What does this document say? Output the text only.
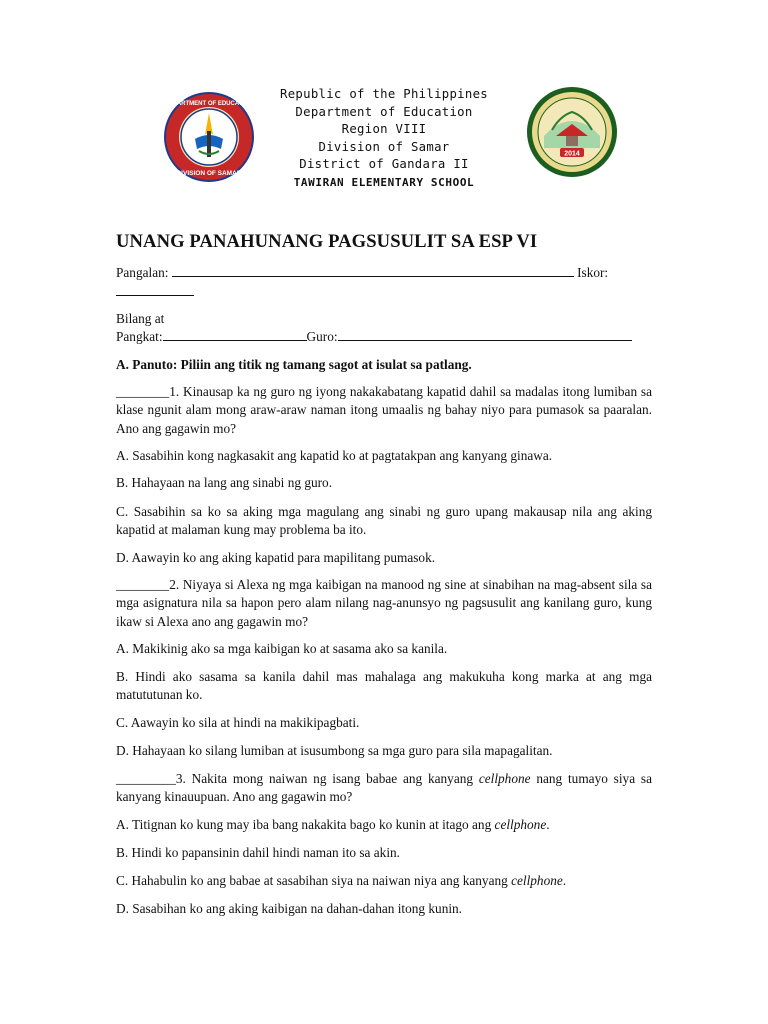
DEPARTMENT OF EDUCATION
DIVISION OF SAMAR
Republic of the Philippines
Department of Education
Region VIII
Division of Samar
District of Gandara II
TAWIRAN ELEMENTARY SCHOOL
2014
UNANG PANAHUNANG PAGSUSULIT SA ESP VI
Pangalan:	Iskor:
Bilang at
Pangkat:	Guro:
A. Panuto: Piliin ang titik ng tamang sagot at isulat sa patlang.
________1. Kinausap ka ng guro ng iyong nakakabatang kapatid dahil sa madalas itong lumiban sa klase ngunit alam mong araw-araw naman itong umaalis ng bahay niyo para pumasok sa paaralan. Ano ang gagawin mo?
A. Sasabihin kong nagkasakit ang kapatid ko at pagtatakpan ang kanyang ginawa.
B. Hahayaan na lang ang sinabi ng guro.
C. Sasabihin sa ko sa aking mga magulang ang sinabi ng guro upang makausap nila ang aking kapatid at malaman kung may problema ba ito.
D. Aawayin ko ang aking kapatid para mapilitang pumasok.
________2. Niyaya si Alexa ng mga kaibigan na manood ng sine at sinabihan na mag-absent sila sa mga asignatura nila sa hapon pero alam nilang nag-anunsyo ng pagsusulit ang kanilang guro, kung ikaw si Alexa ano ang gagawin mo?
A. Makikinig ako sa mga kaibigan ko at sasama ako sa kanila.
B. Hindi ako sasama sa kanila dahil mas mahalaga ang makukuha kong marka at ang mga matututunan ko.
C. Aawayin ko sila at hindi na makikipagbati.
D. Hahayaan ko silang lumiban at isusumbong sa mga guro para sila mapagalitan.
_________3. Nakita mong naiwan ng isang babae ang kanyang cellphone nang tumayo siya sa kanyang kinauupuan. Ano ang gagawin mo?
A. Titignan ko kung may iba bang nakakita bago ko kunin at itago ang cellphone.
B. Hindi ko papansinin dahil hindi naman ito sa akin.
C. Hahabulin ko ang babae at sasabihan siya na naiwan niya ang kanyang cellphone.
D. Sasabihan ko ang aking kaibigan na dahan-dahan itong kunin.
